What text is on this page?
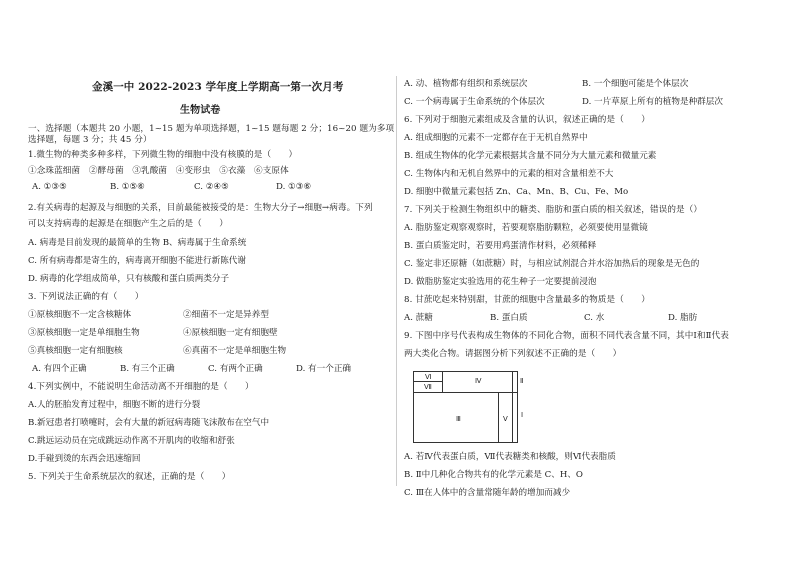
金溪一中 2022-2023 学年度上学期高一第一次月考
生物试卷
一、选择题（本题共 20 小题，1~15 题为单项选择题，1~15 题每题 2 分；16~20 题为多项
选择题，每题 3 分；共 45 分）
1.微生物的种类多种多样，下列微生物的细胞中没有核膜的是（　　）
①念珠蓝细菌　②酵母菌　③乳酸菌　④变形虫　⑤衣藻　⑥支原体
A. ①③⑤	B. ①⑤⑥	C. ②④⑤	D. ①③⑥
2.有关病毒的起源及与细胞的关系，目前最能被接受的是：生物大分子→细胞→病毒。下列
可以支持病毒的起源是在细胞产生之后的是（　　）
A. 病毒是目前发现的最简单的生物 B、病毒属于生命系统
C. 所有病毒都是寄生的，病毒离开细胞不能进行新陈代谢
D. 病毒的化学组成简单，只有核酸和蛋白质两类分子
3. 下列说法正确的有（　　）
①原核细胞不一定含核糖体	②细菌不一定是异养型
③原核细胞一定是单细胞生物	④原核细胞一定有细胞壁
⑤真核细胞一定有细胞核	⑥真菌不一定是单细胞生物
A. 有四个正确	B. 有三个正确	C. 有两个正确	D. 有一个正确
4.下列实例中，不能说明生命活动离不开细胞的是（　　）
A.人的胚胎发育过程中，细胞不断的进行分裂
B.新冠患者打喷嚏时，会有大量的新冠病毒随飞沫散布在空气中
C.跳远运动员在完成跳远动作离不开肌肉的收缩和舒张
D.手碰到烫的东西会迅速缩回
5. 下列关于生命系统层次的叙述，正确的是（　　）
A. 动、植物都有组织和系统层次	B. 一个细胞可能是个体层次
C. 一个病毒属于生命系统的个体层次	D. 一片草原上所有的植物是种群层次
6. 下列对于细胞元素组成及含量的认识，叙述正确的是（　　）
A. 组成细胞的元素不一定都存在于无机自然界中
B. 组成生物体的化学元素根据其含量不同分为大量元素和微量元素
C. 生物体内和无机自然界中的元素的相对含量相差不大
D. 细胞中微量元素包括 Zn、Ca、Mn、B、Cu、Fe、Mo
7. 下列关于检测生物组织中的糖类、脂肪和蛋白质的相关叙述，错误的是（）
A. 脂肪鉴定观察观察时，若要观察脂肪颗粒，必须要使用显微镜
B. 蛋白质鉴定时，若要用鸡蛋清作材料，必须稀释
C. 鉴定非还原糖（如蔗糖）时，与相应试剂混合并水浴加热后的现象是无色的
D. 做脂肪鉴定实验选用的花生种子一定要提前浸泡
8. 甘蔗吃起来特别甜，甘蔗的细胞中含量最多的物质是（　　）
A. 蔗糖	B. 蛋白质	C. 水	D. 脂肪
9. 下图中序号代表构成生物体的不同化合物，面积不同代表含量不同，其中Ⅰ和Ⅱ代表
两大类化合物。请据图分析下列叙述不正确的是（　　）
Ⅵ
Ⅶ
Ⅳ
Ⅲ	Ⅴ
Ⅱ
Ⅰ
A. 若Ⅳ代表蛋白质，Ⅶ代表糖类和核酸，则Ⅵ代表脂质
B. Ⅱ中几种化合物共有的化学元素是 C、H、O
C. Ⅲ在人体中的含量常随年龄的增加而减少
